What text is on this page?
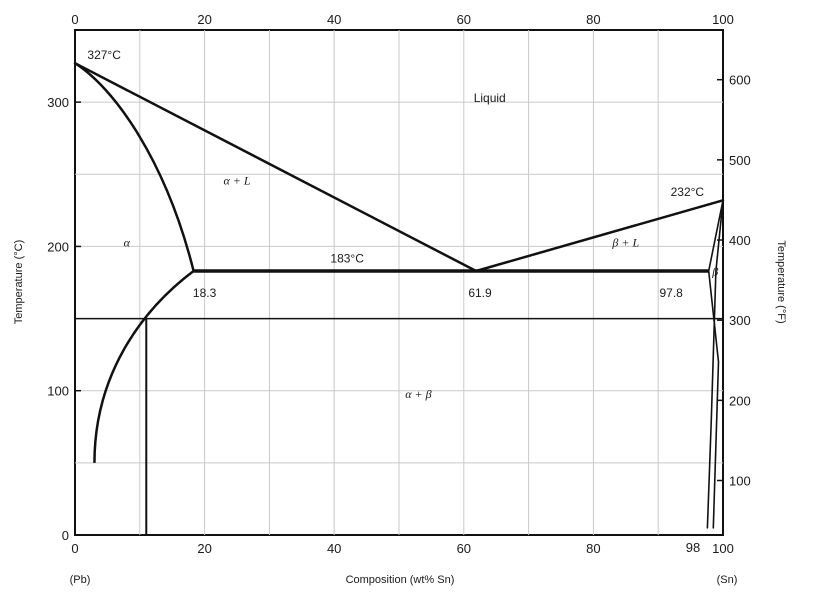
0	20	40	60	80	100
0	20	40	60	80	100
0
100
200
300
100
200
300
400
500
600
Liquid
α + L
α	β + L
β
α + β
327°C
232°C
183°C
18.3	61.9	97.8
Composition (wt% Sn)
Temperature (°C)	Temperature (°F)
(Pb)	(Sn)
98
